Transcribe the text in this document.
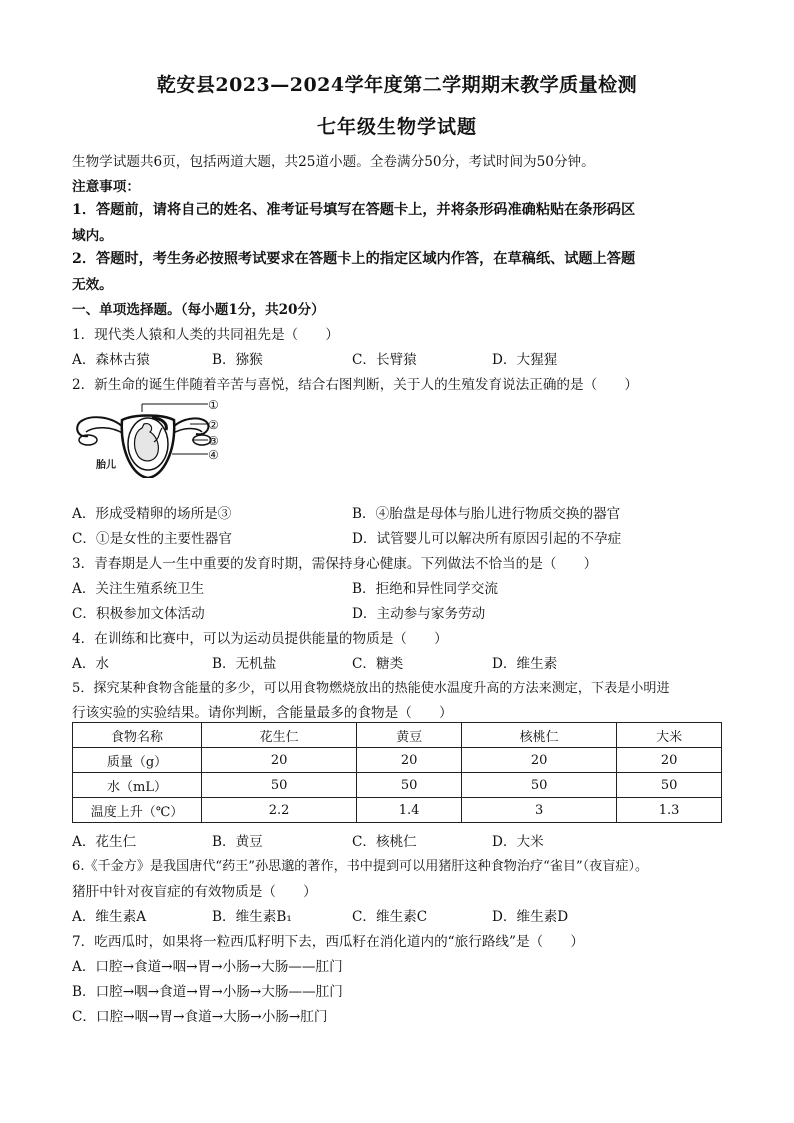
乾安县2023—2024学年度第二学期期末教学质量检测
七年级生物学试题
生物学试题共6页，包括两道大题，共25道小题。全卷满分50分，考试时间为50分钟。
注意事项：
1．答题前，请将自己的姓名、准考证号填写在答题卡上，并将条形码准确粘贴在条形码区
域内。
2．答题时，考生务必按照考试要求在答题卡上的指定区域内作答，在草稿纸、试题上答题
无效。
一、单项选择题。（每小题1分，共20分）
1．现代类人猿和人类的共同祖先是（　　）
A．森林古猿	B．猕猴	C．长臂猿	D．大猩猩
2．新生命的诞生伴随着辛苦与喜悦，结合右图判断，关于人的生殖发育说法正确的是（　　）
①
②
③
④
胎儿
A．形成受精卵的场所是③	B．④胎盘是母体与胎儿进行物质交换的器官
C．①是女性的主要性器官	D．试管婴儿可以解决所有原因引起的不孕症
3．青春期是人一生中重要的发育时期，需保持身心健康。下列做法不恰当的是（　　）
A．关注生殖系统卫生	B．拒绝和异性同学交流
C．积极参加文体活动	D．主动参与家务劳动
4．在训练和比赛中，可以为运动员提供能量的物质是（　　）
A．水	B．无机盐	C．糖类	D．维生素
5．探究某种食物含能量的多少，可以用食物燃烧放出的热能使水温度升高的方法来测定，下表是小明进
行该实验的实验结果。请你判断，含能量最多的食物是（　　）
食物名称	花生仁	黄豆	核桃仁	大米
质量（g）	20	20	20	20
水（mL）	50	50	50	50
温度上升（℃）	2.2	1.4	3	1.3
A．花生仁	B．黄豆	C．核桃仁	D．大米
6.《千金方》是我国唐代“药王”孙思邈的著作，书中提到可以用猪肝这种食物治疗“雀目”（夜盲症）。
猪肝中针对夜盲症的有效物质是（　　）
A．维生素A	B．维生素B₁	C．维生素C	D．维生素D
7．吃西瓜时，如果将一粒西瓜籽明下去，西瓜籽在消化道内的“旅行路线”是（　　）
A．口腔→食道→咽→胃→小肠→大肠——肛门
B．口腔→咽→食道→胃→小肠→大肠——肛门
C．口腔→咽→胃→食道→大肠→小肠→肛门
